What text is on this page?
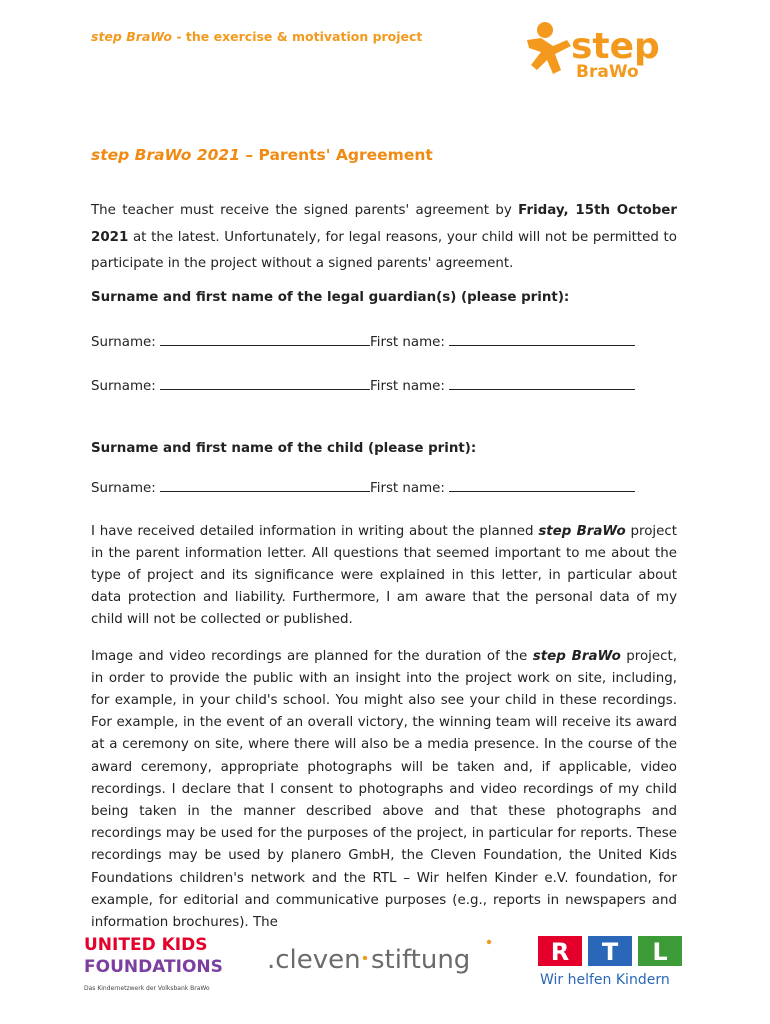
step BraWo - the exercise & motivation project	step
BraWo
step BraWo 2021 – Parents' Agreement

The teacher must receive the signed parents' agreement by Friday, 15th October 2021 at the latest. Unfortunately, for legal reasons, your child will not be permitted to participate in the project without a signed parents' agreement.

Surname and first name of the legal guardian(s) (please print):

Surname:	First name:

Surname:	First name:

Surname and first name of the child (please print):

Surname:	First name:

I have received detailed information in writing about the planned step BraWo project in the parent information letter. All questions that seemed important to me about the type of project and its significance were explained in this letter, in particular about data protection and liability. Furthermore, I am aware that the personal data of my child will not be collected or published.

Image and video recordings are planned for the duration of the step BraWo project, in order to provide the public with an insight into the project work on site, including, for example, in your child's school. You might also see your child in these recordings. For example, in the event of an overall victory, the winning team will receive its award at a ceremony on site, where there will also be a media presence. In the course of the award ceremony, appropriate photographs will be taken and, if applicable, video recordings. I declare that I consent to photographs and video recordings of my child being taken in the manner described above and that these photographs and recordings may be used for the purposes of the project, in particular for reports. These recordings may be used by planero GmbH, the Cleven Foundation, the United Kids Foundations children's network and the RTL – Wir helfen Kinder e.V. foundation, for example, for editorial and communicative purposes (e.g., reports in newspapers and information brochures). The

UNITED KIDS
FOUNDATIONS
Das Kindernetzwerk der Volksbank BraWo
.cleven stiftung	R T L
Wir helfen Kindern
